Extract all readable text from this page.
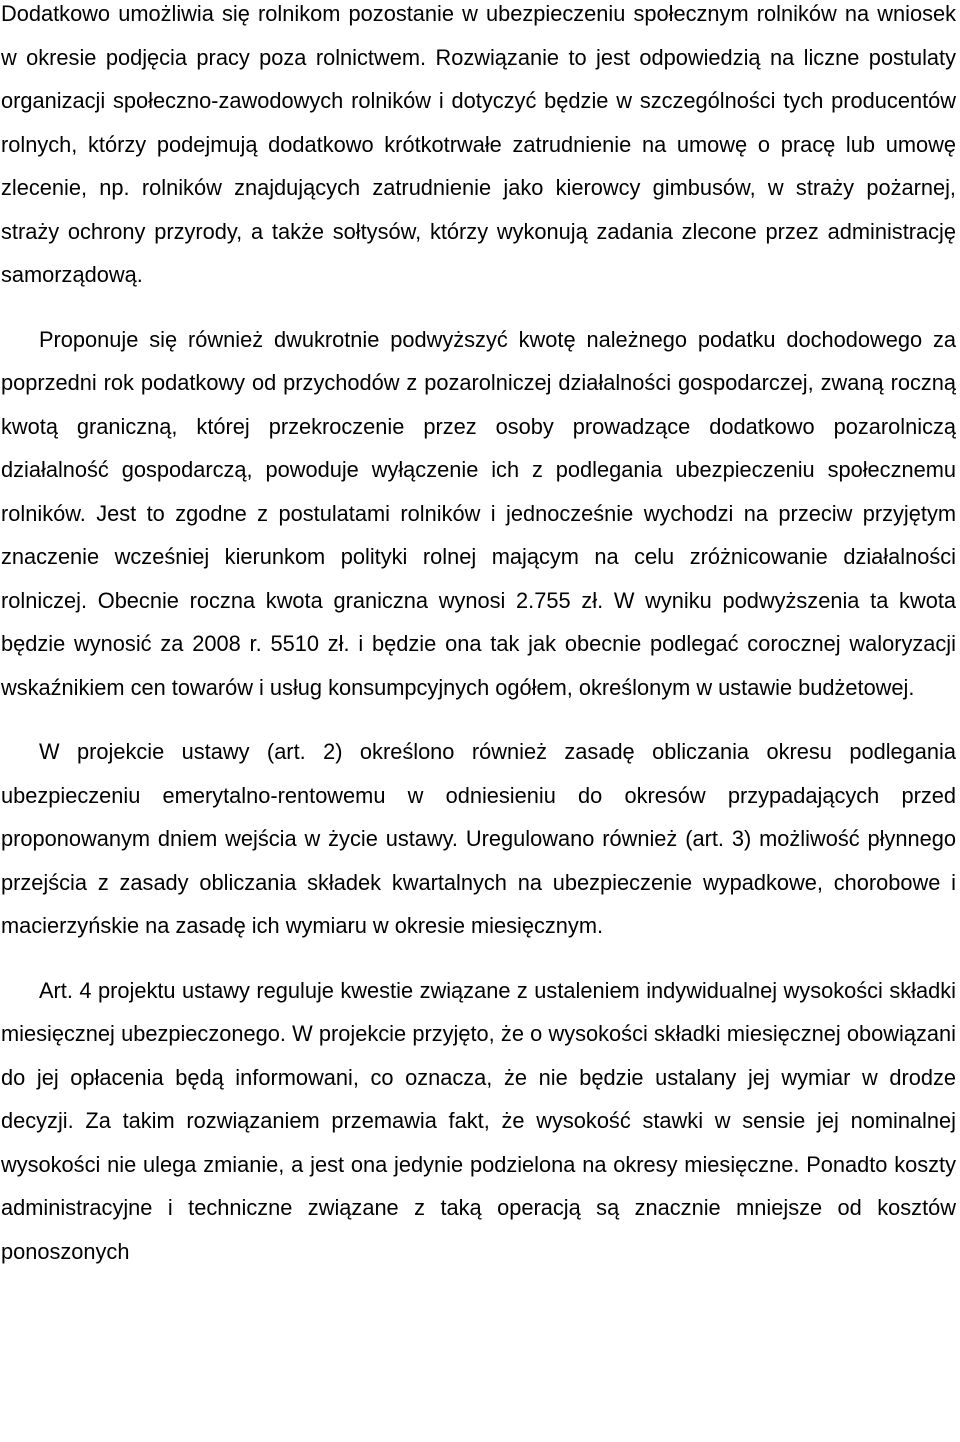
Dodatkowo umożliwia się rolnikom pozostanie w ubezpieczeniu społecznym rolników na wniosek w okresie podjęcia pracy poza rolnictwem. Rozwiązanie to jest odpowiedzią na liczne postulaty organizacji społeczno-zawodowych rolników i dotyczyć będzie w szczególności tych producentów rolnych, którzy podejmują dodatkowo krótkotrwałe zatrudnienie na umowę o pracę lub umowę zlecenie, np. rolników znajdujących zatrudnienie jako kierowcy gimbusów, w straży pożarnej, straży ochrony przyrody, a także sołtysów, którzy wykonują zadania zlecone przez administrację samorządową.

Proponuje się również dwukrotnie podwyższyć kwotę należnego podatku dochodowego za poprzedni rok podatkowy od przychodów z pozarolniczej działalności gospodarczej, zwaną roczną kwotą graniczną, której przekroczenie przez osoby prowadzące dodatkowo pozarolniczą działalność gospodarczą, powoduje wyłączenie ich z podlegania ubezpieczeniu społecznemu rolników. Jest to zgodne z postulatami rolników i jednocześnie wychodzi na przeciw przyjętym znaczenie wcześniej kierunkom polityki rolnej mającym na celu zróżnicowanie działalności rolniczej. Obecnie roczna kwota graniczna wynosi 2.755 zł. W wyniku podwyższenia ta kwota będzie wynosić za 2008 r. 5510 zł. i będzie ona tak jak obecnie podlegać corocznej waloryzacji wskaźnikiem cen towarów i usług konsumpcyjnych ogółem, określonym w ustawie budżetowej.

W projekcie ustawy (art. 2) określono również zasadę oblicz​ania okresu podlegania ubezpieczeniu emerytalno-rentowemu w odniesieniu do okresów przypadających przed proponowanym dniem wejścia w życie ustawy. Uregulowano również (art. 3) możliwość płynnego przejścia z zasady obliczania składek kwartalnych na ubezpieczenie wypadkowe, chorobowe i macierzyńskie na zasadę ich wymiaru w okresie miesięcznym.

Art. 4 projektu ustawy reguluje kwestie związane z ustaleniem indywidualnej wysokości składki miesięcznej ubezpieczonego. W projekcie przyjęto, że o wysokości składki miesięcznej obowiązani do jej opłacenia będą informowani, co oznacza, że nie będzie ustalany jej wymiar w drodze decyzji. Za takim rozwiązaniem przemawia fakt, że wysokość stawki w sensie jej nominalnej wysokości nie ulega zmianie, a jest ona jedynie podzielona na okresy miesięczne. Ponadto koszty administracyjne i techniczne związane z taką operacją są znacznie mniejsze od kosztów ponoszonych
